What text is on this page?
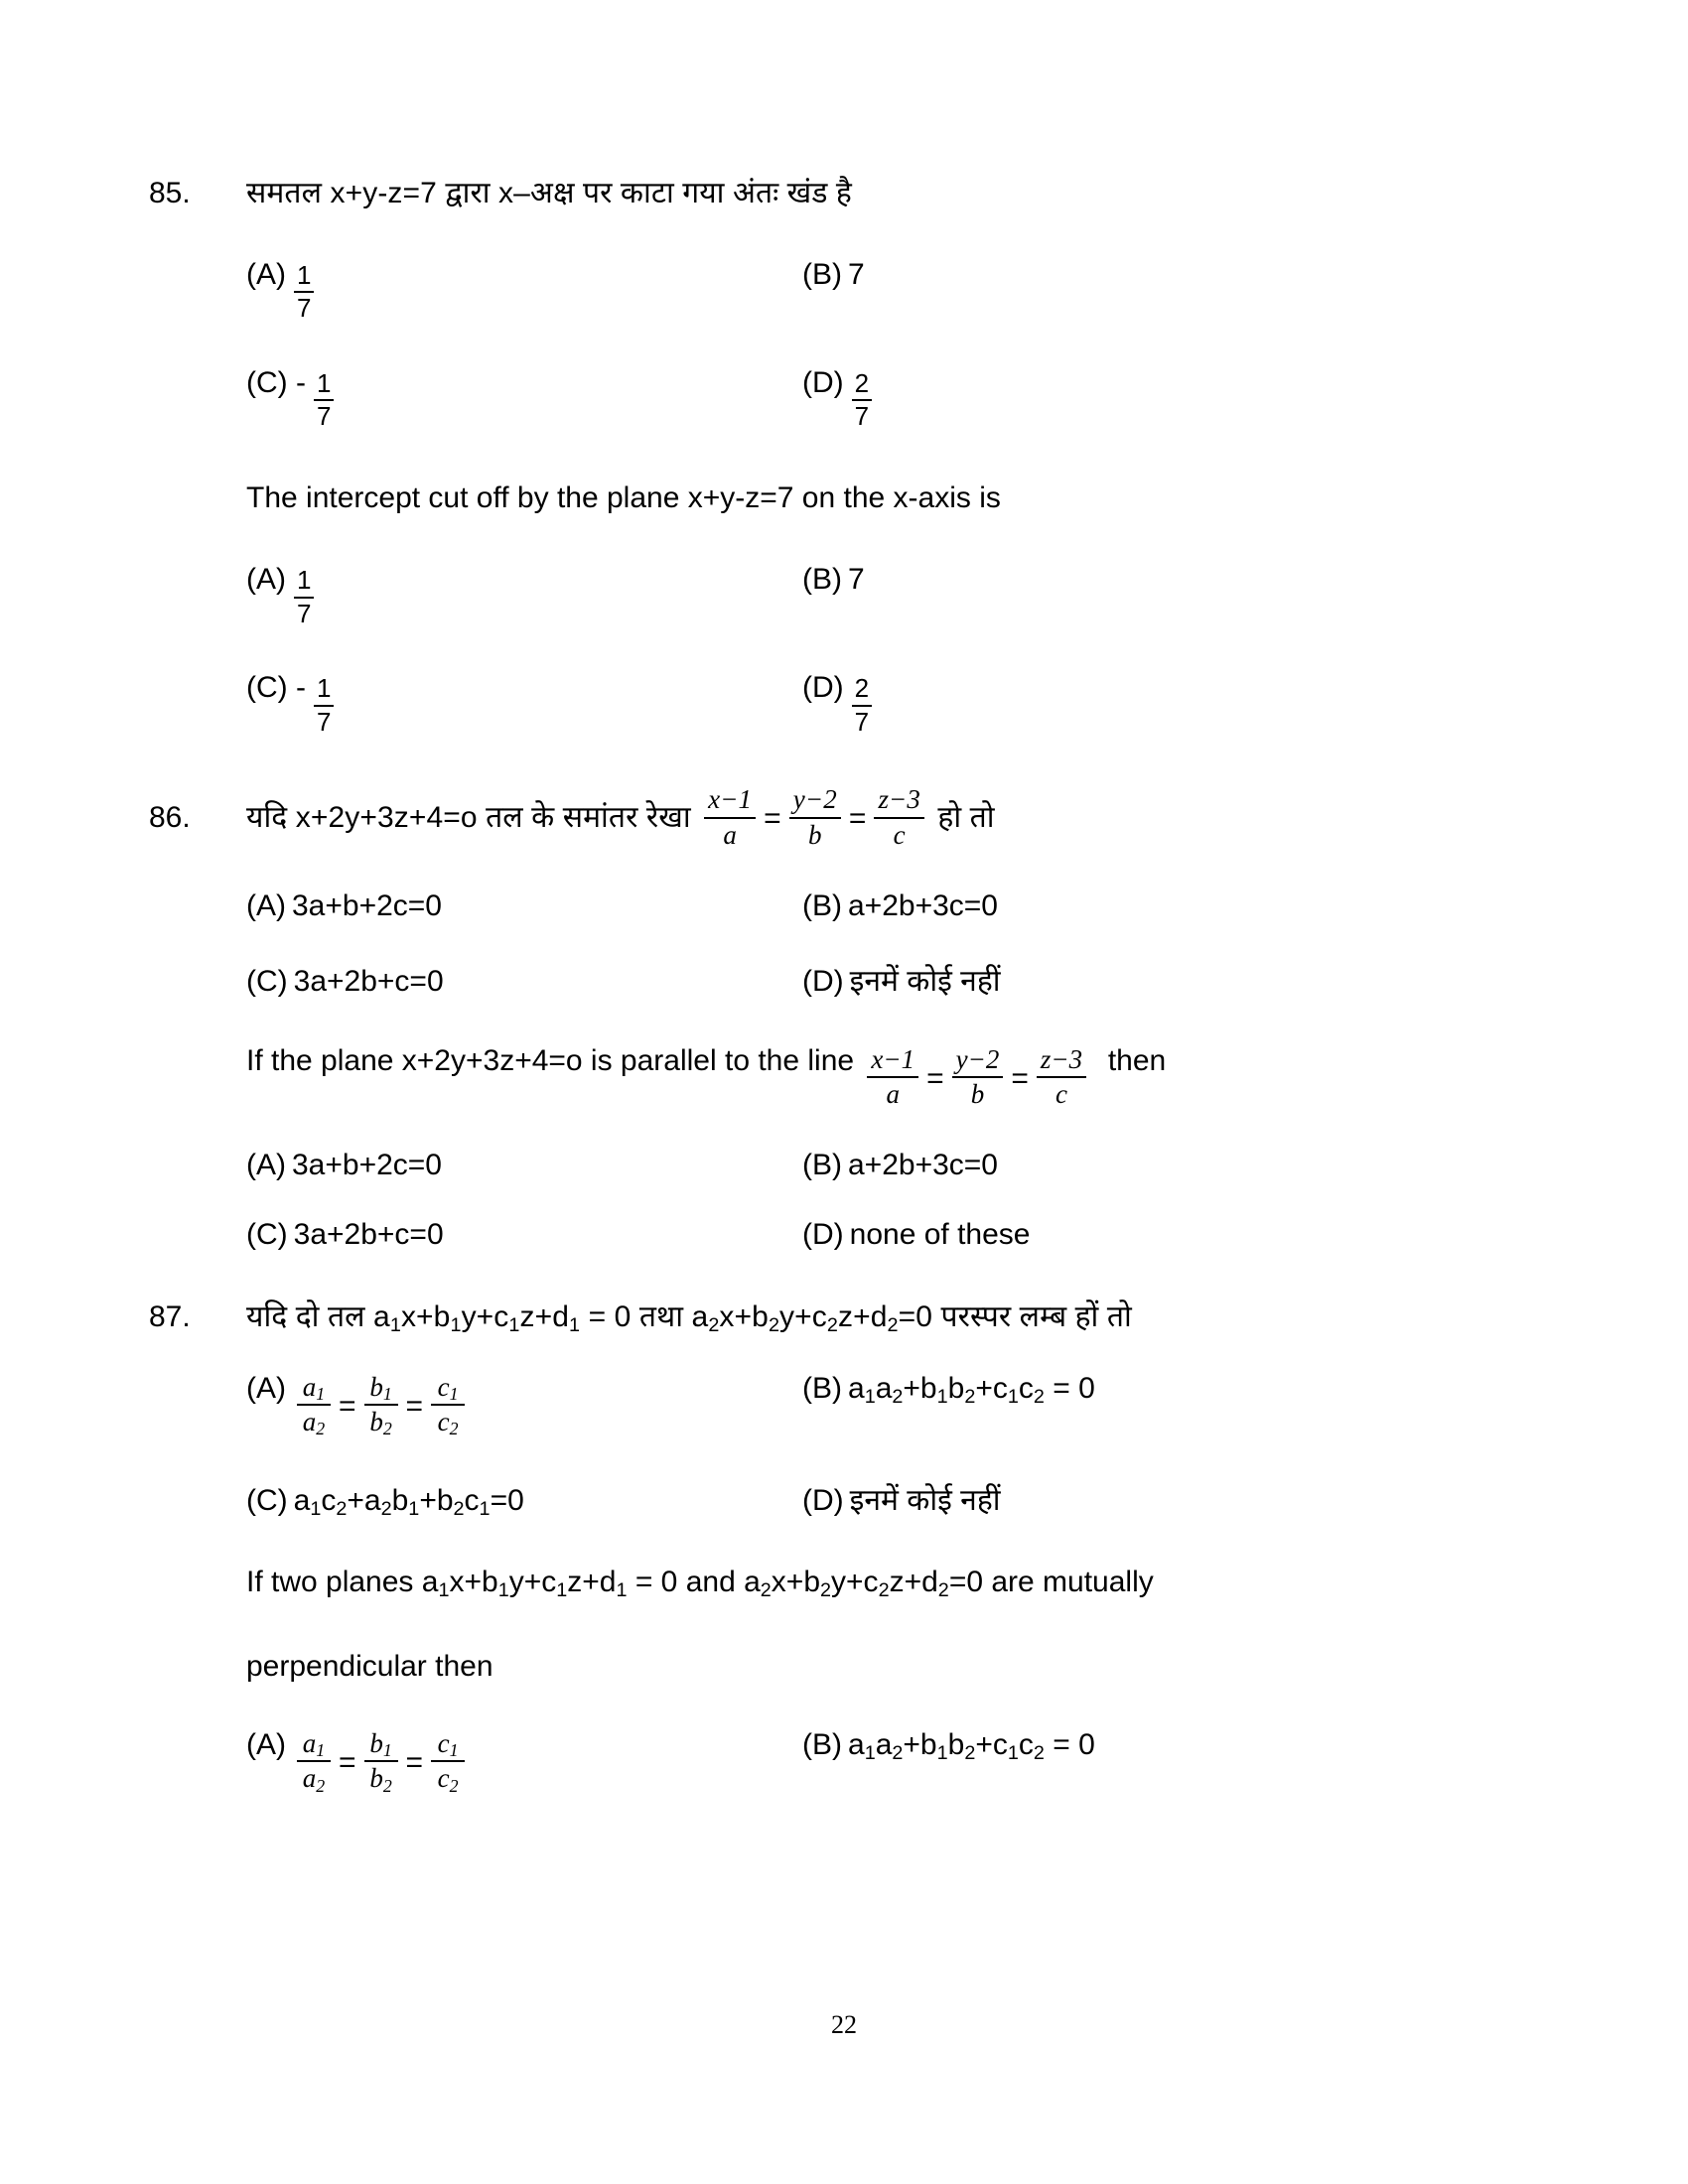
85.	समतल x+y-z=7 द्वारा x–अक्ष पर काटा गया अंतः खंड है
$(A) \frac{1}{7}$	(B) 7
$(C) - \frac{1}{7}$	$(D) \frac{2}{7}$
The intercept cut off by the plane x+y-z=7 on the x-axis is
$(A) \frac{1}{7}$	(B) 7
$(C) - \frac{1}{7}$	$(D) \frac{2}{7}$
86.	यदि x+2y+3z+4=o तल के समांतर रेखा $\frac{x-1}{a} = \frac{y-2}{b} = \frac{z-3}{c}$ हो तो
(A) 3a+b+2c=0	(B) a+2b+3c=0
(C) 3a+2b+c=0	(D) इनमें कोई नहीं
If the plane x+2y+3z+4=o is parallel to the line $\frac{x-1}{a} = \frac{y-2}{b} = \frac{z-3}{c}$ then
(A) 3a+b+2c=0	(B) a+2b+3c=0
(C) 3a+2b+c=0	(D) none of these
87.	यदि दो तल $a_1x+b_1y+c_1z+d_1 = 0$ तथा $a_2x+b_2y+c_2z+d_2=0$ परस्पर लम्ब हों तो
$(A) \frac{a_1}{a_2} = \frac{b_1}{b_2} = \frac{c_1}{c_2}$	(B) $a_1a_2+b_1b_2+c_1c_2 = 0$
(C) $a_1c_2+a_2b_1+b_2c_1=0$	(D) इनमें कोई नहीं
If two planes $a_1$ $x+b_1$ $y+c_1$ $z+d_1 = 0$ and $a_2$ $x+b_2$ $y+c_2$ $z+d_2 =0$ are mutually
perpendicular then
$(A) \frac{a_1}{a_2} = \frac{b_1}{b_2} = \frac{c_1}{c_2}$	(B) $a_1a_2+b_1b_2+c_1c_2 = 0$
22
